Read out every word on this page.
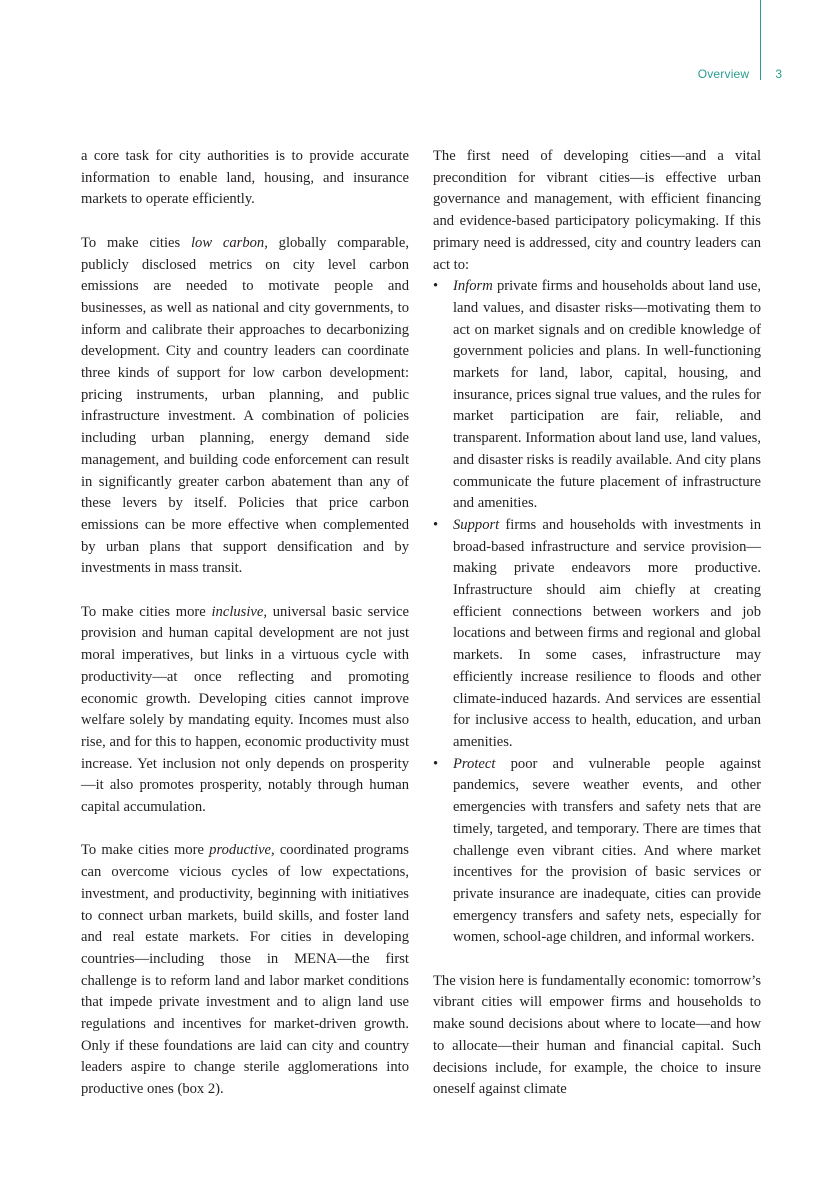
Overview 3

a core task for city authorities is to provide accurate information to enable land, housing, and insurance markets to operate efficiently.

To make cities low carbon, globally comparable, publicly disclosed metrics on city level carbon emissions are needed to motivate people and businesses, as well as national and city governments, to inform and calibrate their approaches to decarbonizing development. City and country leaders can coordinate three kinds of support for low carbon development: pricing instruments, urban planning, and public infrastructure investment. A combination of policies including urban planning, energy demand side management, and building code enforcement can result in significantly greater carbon abatement than any of these levers by itself. Policies that price carbon emissions can be more effective when complemented by urban plans that support densification and by investments in mass transit.

To make cities more inclusive, universal basic service provision and human capital development are not just moral imperatives, but links in a virtuous cycle with productivity—at once reflecting and promoting economic growth. Developing cities cannot improve welfare solely by mandating equity. Incomes must also rise, and for this to happen, economic productivity must increase. Yet inclusion not only depends on prosperity—it also promotes prosperity, notably through human capital accumulation.

To make cities more productive, coordinated programs can overcome vicious cycles of low expectations, investment, and productivity, beginning with initiatives to connect urban markets, build skills, and foster land and real estate markets. For cities in developing countries—including those in MENA—the first challenge is to reform land and labor market conditions that impede private investment and to align land use regulations and incentives for market-driven growth. Only if these foundations are laid can city and country leaders aspire to change sterile agglomerations into productive ones (box 2).

The first need of developing cities—and a vital precondition for vibrant cities—is effective urban governance and management, with efficient financing and evidence-based participatory policymaking. If this primary need is addressed, city and country leaders can act to:

•	Inform private firms and households about land use, land values, and disaster risks—motivating them to act on market signals and on credible knowledge of government policies and plans. In well-functioning markets for land, labor, capital, housing, and insurance, prices signal true values, and the rules for market participation are fair, reliable, and transparent. Information about land use, land values, and disaster risks is readily available. And city plans communicate the future placement of infrastructure and amenities.
•	Support firms and households with investments in broad-based infrastructure and service provision—making private endeavors more productive. Infrastructure should aim chiefly at creating efficient connections between workers and job locations and between firms and regional and global markets. In some cases, infrastructure may efficiently increase resilience to floods and other climate-induced hazards. And services are essential for inclusive access to health, education, and urban amenities.
•	Protect poor and vulnerable people against pandemics, severe weather events, and other emergencies with transfers and safety nets that are timely, targeted, and temporary. There are times that challenge even vibrant cities. And where market incentives for the provision of basic services or private insurance are inadequate, cities can provide emergency transfers and safety nets, especially for women, school-age children, and informal workers.

The vision here is fundamentally economic: tomorrow’s vibrant cities will empower firms and households to make sound decisions about where to locate—and how to allocate—their human and financial capital. Such decisions include, for example, the choice to insure oneself against climate
